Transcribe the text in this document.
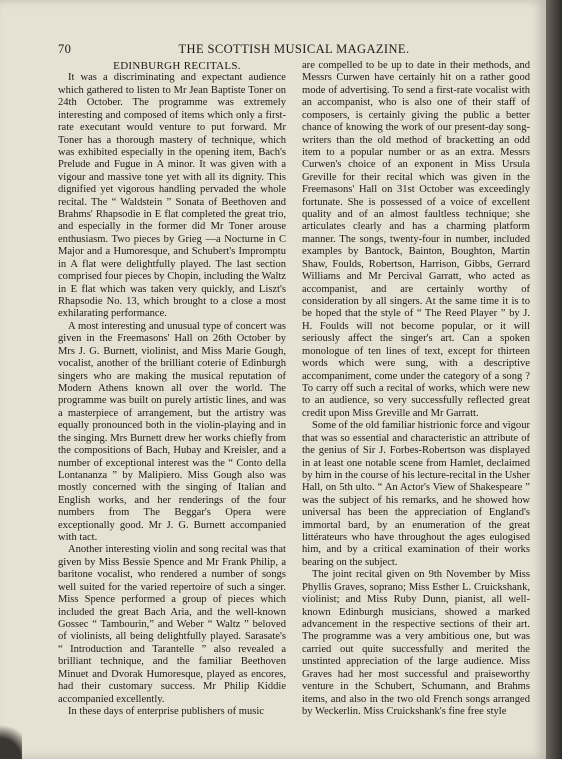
70	THE SCOTTISH MUSICAL MAGAZINE.

EDINBURGH RECITALS.

It was a discriminating and expectant audience which gathered to listen to Mr Jean Baptiste Toner on 24th October. The programme was extremely interesting and composed of items which only a first-rate executant would venture to put forward. Mr Toner has a thorough mastery of technique, which was exhibited especially in the opening item, Bach's Prelude and Fugue in A minor. It was given with a vigour and massive tone yet with all its dignity. This dignified yet vigorous handling pervaded the whole recital. The “ Waldstein ” Sonata of Beethoven and Brahms' Rhapsodie in E flat completed the great trio, and especially in the former did Mr Toner arouse enthusiasm. Two pieces by Grieg —a Nocturne in C Major and a Humoresque, and Schubert's Impromptu in A flat were delightfully played. The last section comprised four pieces by Chopin, including the Waltz in E flat which was taken very quickly, and Liszt's Rhapsodie No. 13, which brought to a close a most exhilarating performance.

A most interesting and unusual type of concert was given in the Freemasons' Hall on 26th October by Mrs J. G. Burnett, violinist, and Miss Marie Gough, vocalist, another of the brilliant coterie of Edinburgh singers who are making the musical reputation of Modern Athens known all over the world. The programme was built on purely artistic lines, and was a masterpiece of arrangement, but the artistry was equally pronounced both in the violin-playing and in the singing. Mrs Burnett drew her works chiefly from the compositions of Bach, Hubay and Kreisler, and a number of exceptional interest was the “ Conto della Lontananza ” by Malipiero. Miss Gough also was mostly concerned with the singing of Italian and English works, and her renderings of the four numbers from The Beggar's Opera were exceptionally good. Mr J. G. Burnett accompanied with tact.

Another interesting violin and song recital was that given by Miss Bessie Spence and Mr Frank Philip, a baritone vocalist, who rendered a number of songs well suited for the varied repertoire of such a singer. Miss Spence performed a group of pieces which included the great Bach Aria, and the well-known Gossec “ Tambourin,” and Weber “ Waltz ” beloved of violinists, all being delightfully played. Sarasate's “ Introduction and Tarantelle ” also revealed a brilliant technique, and the familiar Beethoven Minuet and Dvorak Humoresque, played as encores, had their customary success. Mr Philip Kiddie accompanied excellently.

In these days of enterprise publishers of music

are compelled to be up to date in their methods, and Messrs Curwen have certainly hit on a rather good mode of advertising. To send a first-rate vocalist with an accompanist, who is also one of their staff of composers, is certainly giving the public a better chance of knowing the work of our present-day song-writers than the old method of bracketting an odd item to a popular number or as an extra. Messrs Curwen's choice of an exponent in Miss Ursula Greville for their recital which was given in the Freemasons' Hall on 31st October was exceedingly fortunate. She is possessed of a voice of excellent quality and of an almost faultless technique; she articulates clearly and has a charming platform manner. The songs, twenty-four in number, included examples by Bantock, Bainton, Boughton, Martin Shaw, Foulds, Robertson, Harrison, Gibbs, Gerrard Williams and Mr Percival Garratt, who acted as accompanist, and are certainly worthy of consideration by all singers. At the same time it is to be hoped that the style of “ The Reed Player ” by J. H. Foulds will not become popular, or it will seriously affect the singer's art. Can a spoken monologue of ten lines of text, except for thirteen words which were sung, with a descriptive accompaniment, come under the category of a song ? To carry off such a recital of works, which were new to an audience, so very successfully reflected great credit upon Miss Greville and Mr Garratt.

Some of the old familiar histrionic force and vigour that was so essential and characteristic an attribute of the genius of Sir J. Forbes-Robertson was displayed in at least one notable scene from Hamlet, declaimed by him in the course of his lecture-recital in the Usher Hall, on 5th ulto. “ An Actor's View of Shakespeare ” was the subject of his remarks, and he showed how universal has been the appreciation of England's immortal bard, by an enumeration of the great littérateurs who have throughout the ages eulogised him, and by a critical examination of their works bearing on the subject.

The joint recital given on 9th November by Miss Phyllis Graves, soprano; Miss Esther L. Cruickshank, violinist; and Miss Ruby Dunn, pianist, all well-known Edinburgh musicians, showed a marked advancement in the respective sections of their art. The programme was a very ambitious one, but was carried out quite successfully and merited the unstinted appreciation of the large audience. Miss Graves had her most successful and praiseworthy venture in the Schubert, Schumann, and Brahms items, and also in the two old French songs arranged by Weckerlin. Miss Cruickshank's fine free style
